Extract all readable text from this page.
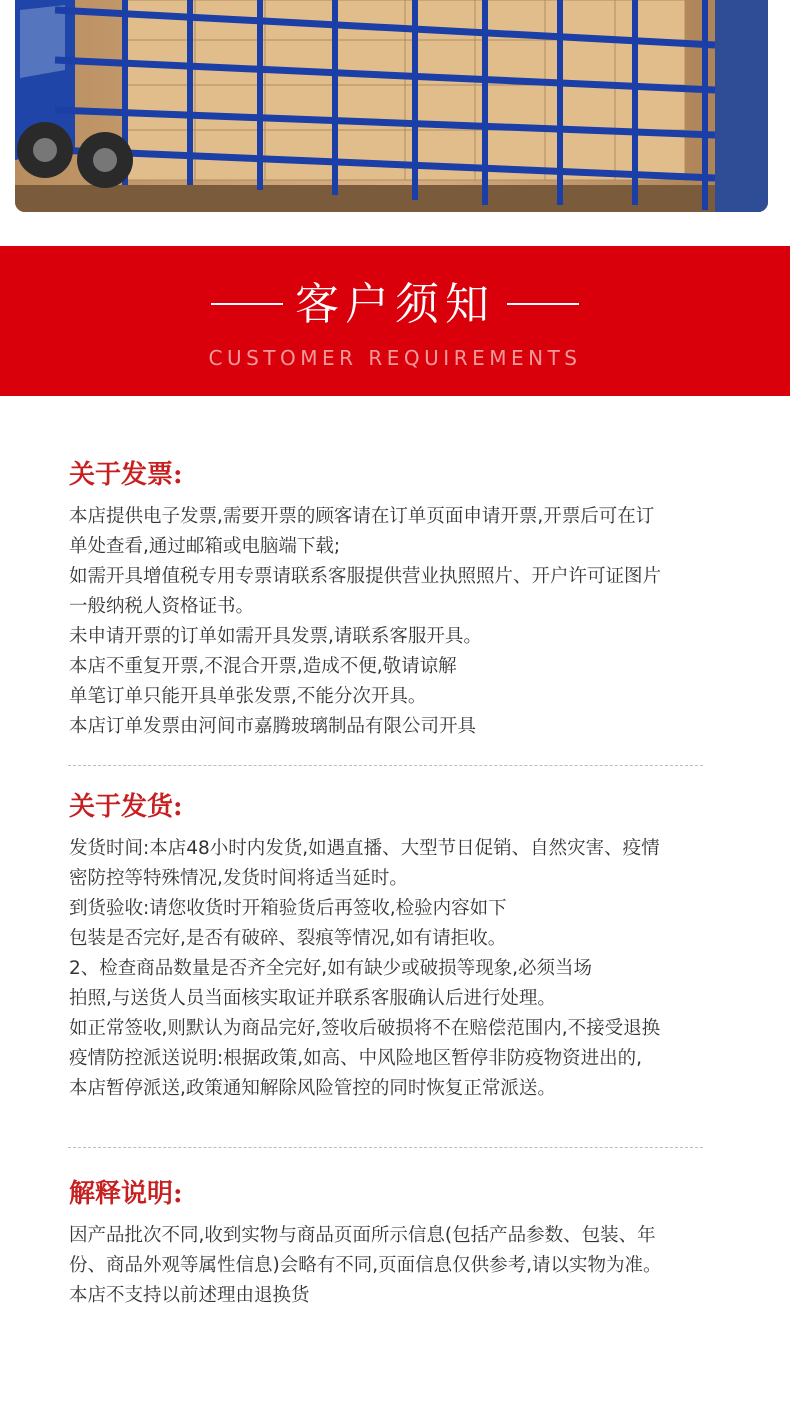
客户须知
CUSTOMER REQUIREMENTS
关于发票:
本店提供电子发票,需要开票的顾客请在订单页面申请开票,开票后可在订
单处查看,通过邮箱或电脑端下载;
如需开具增值税专用专票请联系客服提供营业执照照片、开户许可证图片
一般纳税人资格证书。
未申请开票的订单如需开具发票,请联系客服开具。
本店不重复开票,不混合开票,造成不便,敬请谅解
单笔订单只能开具单张发票,不能分次开具。
本店订单发票由河间市嘉腾玻璃制品有限公司开具
关于发货:
发货时间:本店48小时内发货,如遇直播、大型节日促销、自然灾害、疫情
密防控等特殊情况,发货时间将适当延时。
到货验收:请您收货时开箱验货后再签收,检验内容如下
包装是否完好,是否有破碎、裂痕等情况,如有请拒收。
2、检查商品数量是否齐全完好,如有缺少或破损等现象,必须当场
拍照,与送货人员当面核实取证并联系客服确认后进行处理。
如正常签收,则默认为商品完好,签收后破损将不在赔偿范围内,不接受退换
疫情防控派送说明:根据政策,如高、中风险地区暂停非防疫物资进出的,
本店暂停派送,政策通知解除风险管控的同时恢复正常派送。
解释说明:
因产品批次不同,收到实物与商品页面所示信息(包括产品参数、包装、年
份、商品外观等属性信息)会略有不同,页面信息仅供参考,请以实物为准。
本店不支持以前述理由退换货
